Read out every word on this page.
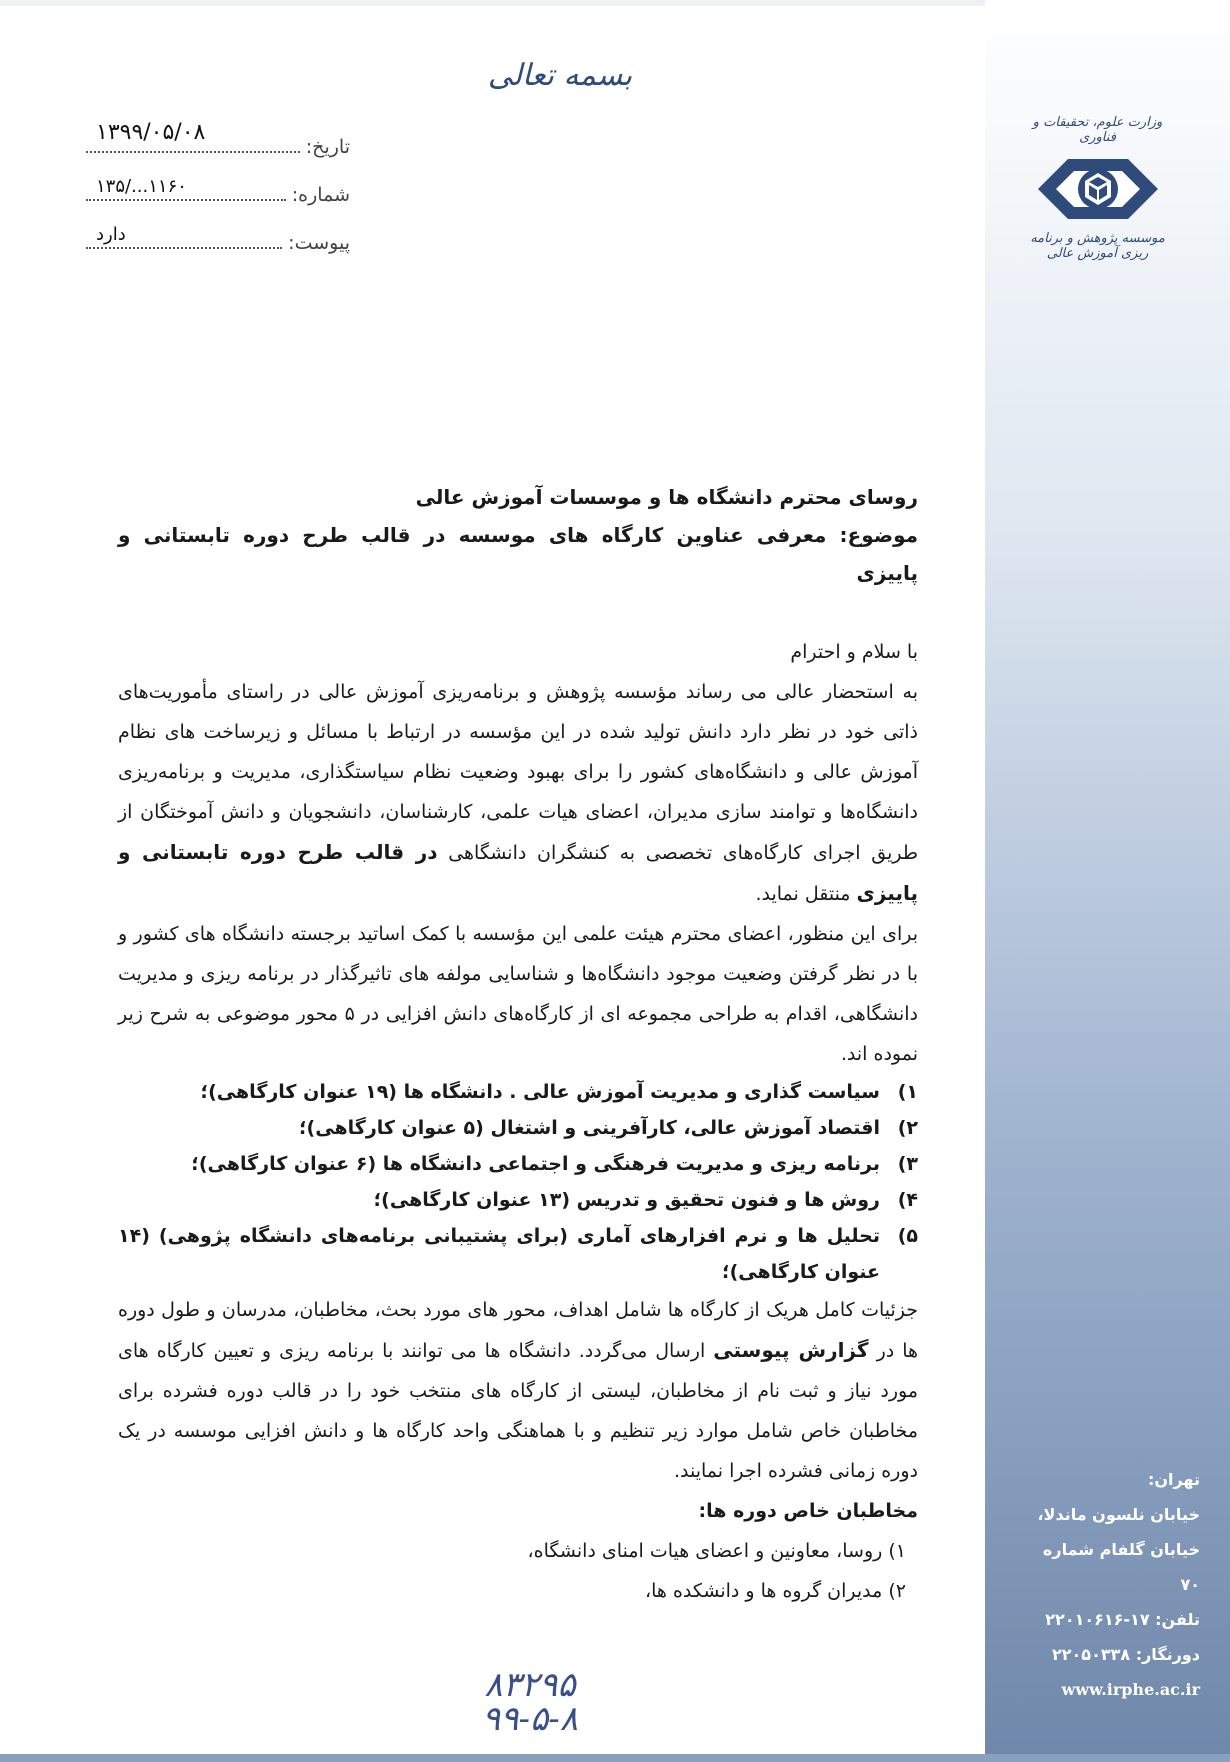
بسمه تعالی
وزارت علوم، تحقیقات و فناوری
موسسه پژوهش و برنامه ریزی آموزش عالی
تاریخ:
۱۳۹۹/۰۵/۰۸
شماره:
۱۳۵/...۱۱۶۰
پیوست:
دارد

روسای محترم دانشگاه ها و موسسات آموزش عالی

موضوع: معرفی عناوین کارگاه های موسسه در قالب طرح دوره تابستانی و پاییزی

با سلام و احترام

به استحضار عالی می رساند مؤسسه پژوهش و برنامه‌ریزی آموزش عالی در راستای مأموریت‌های ذاتی خود در نظر دارد دانش تولید شده در این مؤسسه در ارتباط با مسائل و زیرساخت های نظام آموزش عالی و دانشگاه‌های کشور را برای بهبود وضعیت نظام سیاستگذاری، مدیریت و برنامه‌ریزی دانشگاه‌ها و توامند سازی مدیران، اعضای هیات علمی، کارشناسان، دانشجویان و دانش آموختگان از طریق اجرای کارگاه‌های تخصصی به کنشگران دانشگاهی در قالب طرح دوره تابستانی و پاییزی منتقل نماید.

برای این منظور، اعضای محترم هیئت علمی این مؤسسه با کمک اساتید برجسته دانشگاه های کشور و با در نظر گرفتن وضعیت موجود دانشگاه‌ها و شناسایی مولفه های تاثیرگذار در برنامه ریزی و مدیریت دانشگاهی، اقدام به طراحی مجموعه ای از کارگاه‌های دانش افزایی در ۵ محور موضوعی به شرح زیر نموده اند.

۱)
سیاست گذاری و مدیریت آموزش عالی . دانشگاه ها (۱۹ عنوان کارگاهی)؛
۲)
اقتصاد آموزش عالی، کارآفرینی و اشتغال (۵ عنوان کارگاهی)؛
۳)
برنامه ریزی و مدیریت فرهنگی و اجتماعی دانشگاه ها (۶ عنوان کارگاهی)؛
۴)
روش ها و فنون تحقیق و تدریس (۱۳ عنوان کارگاهی)؛
۵)
تحلیل ها و نرم افزارهای آماری (برای پشتیبانی برنامه‌های دانشگاه پژوهی) (۱۴ عنوان کارگاهی)؛

جزئیات کامل هریک از کارگاه ها شامل اهداف، محور های مورد بحث، مخاطبان، مدرسان و طول دوره ها در گزارش پیوستی ارسال می‌گردد. دانشگاه ها می توانند با برنامه ریزی و تعیین کارگاه های مورد نیاز و ثبت نام از مخاطبان، لیستی از کارگاه های منتخب خود را در قالب دوره فشرده برای مخاطبان خاص شامل موارد زیر تنظیم و با هماهنگی واحد کارگاه ها و دانش افزایی موسسه در یک دوره زمانی فشرده اجرا نمایند.

مخاطبان خاص دوره ها:

۱) روسا، معاونین و اعضای هیات امنای دانشگاه،
۲) مدیران گروه ها و دانشکده ها،
تهران:
خیابان نلسون ماندلا،
خیابان گلفام شماره ۷۰
تلفن: ۱۷-۲۲۰۱۰۶۱۶
دورنگار: ۲۲۰۵۰۳۳۸
www.irphe.ac.ir
۸۳۲۹۵
۹۹-۵-۸
